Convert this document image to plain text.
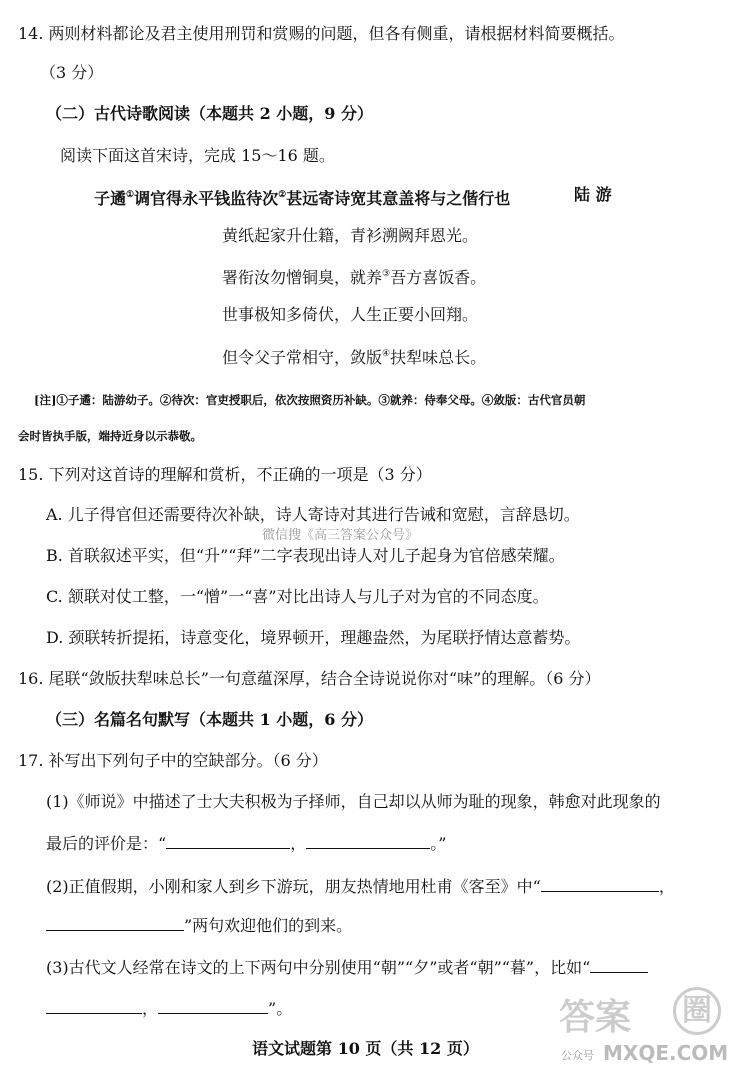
14. 两则材料都论及君主使用刑罚和赏赐的问题，但各有侧重，请根据材料简要概括。
（3 分）
（二）古代诗歌阅读（本题共 2 小题，9 分）
阅读下面这首宋诗，完成 15～16 题。
子遹①调官得永平钱监待次②甚远寄诗宽其意盖将与之偕行也	陆 游
黄纸起家升仕籍，青衫溯阙拜恩光。
署衔汝勿憎铜臭，就养③吾方喜饭香。
世事极知多倚伏，人生正要小回翔。
但令父子常相守，敛版④扶犁味总长。
[注]①子遹：陆游幼子。②待次：官吏授职后，依次按照资历补缺。③就养：侍奉父母。④敛版：古代官员朝
会时皆执手版，端持近身以示恭敬。
15. 下列对这首诗的理解和赏析，不正确的一项是（3 分）
A. 儿子得官但还需要待次补缺，诗人寄诗对其进行告诫和宽慰，言辞恳切。
微信搜《高三答案公众号》
B. 首联叙述平实，但“升”“拜”二字表现出诗人对儿子起身为官倍感荣耀。
C. 颔联对仗工整，一“憎”一“喜”对比出诗人与儿子对为官的不同态度。
D. 颈联转折提拓，诗意变化，境界顿开，理趣盎然，为尾联抒情达意蓄势。
16. 尾联“敛版扶犁味总长”一句意蕴深厚，结合全诗说说你对“味”的理解。（6 分）
（三）名篇名句默写（本题共 1 小题，6 分）
17. 补写出下列句子中的空缺部分。（6 分）
(1)《师说》中描述了士大夫积极为子择师，自己却以从师为耻的现象，韩愈对此现象的
最后的评价是：“	，	。”
(2)正值假期，小刚和家人到乡下游玩，朋友热情地用杜甫《客至》中“	，
”两句欢迎他们的到来。
(3)古代文人经常在诗文的上下两句中分别使用“朝”“夕”或者“朝”“暮”，比如“
，	”。
语文试题第 10 页（共 12 页）
答案	圈
公众号 MXQE.COM
